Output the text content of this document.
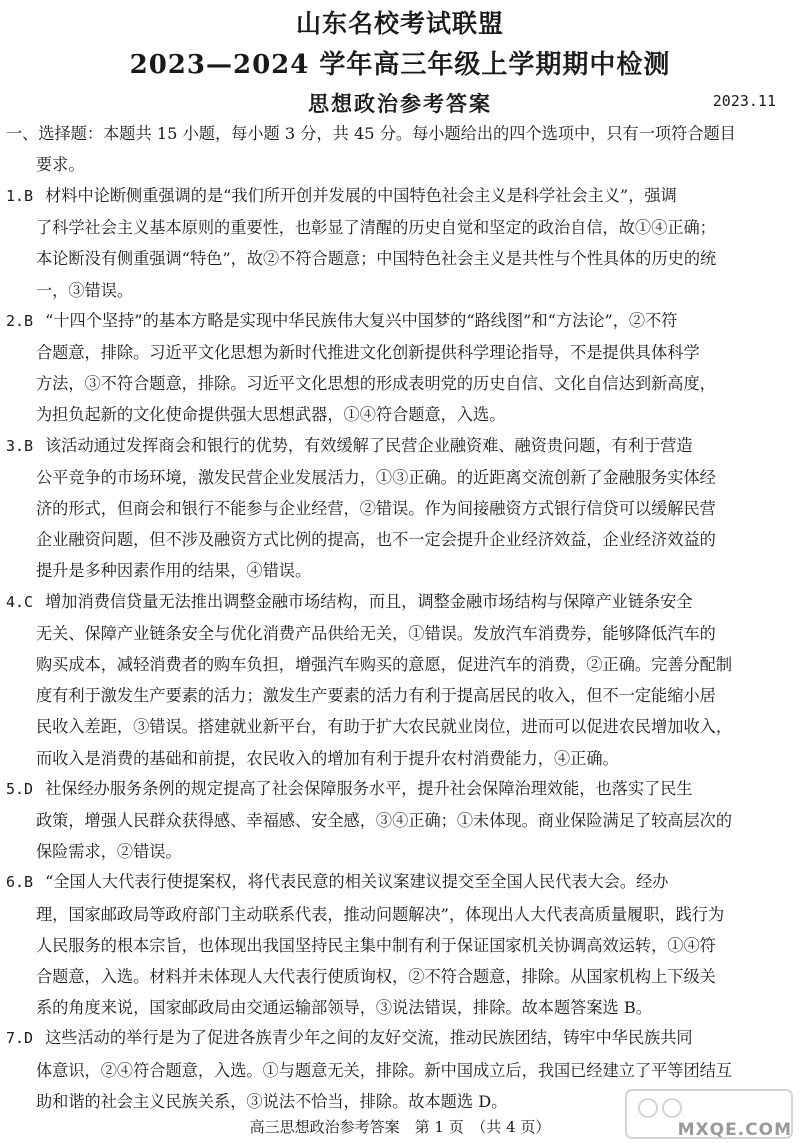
山东名校考试联盟
2023—2024 学年高三年级上学期期中检测
思想政治参考答案	2023.11
一、选择题：本题共 15 小题，每小题 3 分，共 45 分。每小题给出的四个选项中，只有一项符合题目
要求。
1.B 材料中论断侧重强调的是“我们所开创并发展的中国特色社会主义是科学社会主义”，强调
了科学社会主义基本原则的重要性，也彰显了清醒的历史自觉和坚定的政治自信，故①④正确；
本论断没有侧重强调“特色”，故②不符合题意；中国特色社会主义是共性与个性具体的历史的统
一，③错误。
2.B “十四个坚持”的基本方略是实现中华民族伟大复兴中国梦的“路线图”和“方法论”，②不符
合题意，排除。习近平文化思想为新时代推进文化创新提供科学理论指导，不是提供具体科学
方法，③不符合题意，排除。习近平文化思想的形成表明党的历史自信、文化自信达到新高度，
为担负起新的文化使命提供强大思想武器，①④符合题意，入选。
3.B 该活动通过发挥商会和银行的优势，有效缓解了民营企业融资难、融资贵问题，有利于营造
公平竞争的市场环境，激发民营企业发展活力，①③正确。的近距离交流创新了金融服务实体经
济的形式，但商会和银行不能参与企业经营，②错误。作为间接融资方式银行信贷可以缓解民营
企业融资问题，但不涉及融资方式比例的提高，也不一定会提升企业经济效益，企业经济效益的
提升是多种因素作用的结果，④错误。
4.C 增加消费信贷量无法推出调整金融市场结构，而且，调整金融市场结构与保障产业链条安全
无关、保障产业链条安全与优化消费产品供给无关，①错误。发放汽车消费券，能够降低汽车的
购买成本，减轻消费者的购车负担，增强汽车购买的意愿，促进汽车的消费，②正确。完善分配制
度有利于激发生产要素的活力；激发生产要素的活力有利于提高居民的收入，但不一定能缩小居
民收入差距，③错误。搭建就业新平台，有助于扩大农民就业岗位，进而可以促进农民增加收入，
而收入是消费的基础和前提，农民收入的增加有利于提升农村消费能力，④正确。
5.D 社保经办服务条例的规定提高了社会保障服务水平，提升社会保障治理效能，也落实了民生
政策，增强人民群众获得感、幸福感、安全感，③④正确；①未体现。商业保险满足了较高层次的
保险需求，②错误。
6.B “全国人大代表行使提案权，将代表民意的相关议案建议提交至全国人民代表大会。经办
理，国家邮政局等政府部门主动联系代表，推动问题解决”，体现出人大代表高质量履职，践行为
人民服务的根本宗旨，也体现出我国坚持民主集中制有利于保证国家机关协调高效运转，①④符
合题意，入选。材料并未体现人大代表行使质询权，②不符合题意，排除。从国家机构上下级关
系的角度来说，国家邮政局由交通运输部领导，③说法错误，排除。故本题答案选 B。
7.D 这些活动的举行是为了促进各族青少年之间的友好交流，推动民族团结，铸牢中华民族共同
体意识，②④符合题意，入选。①与题意无关，排除。新中国成立后，我国已经建立了平等团结互
助和谐的社会主义民族关系，③说法不恰当，排除。故本题选 D。
高三思想政治参考答案　第 1 页　（共 4 页）	MXQE.COM
